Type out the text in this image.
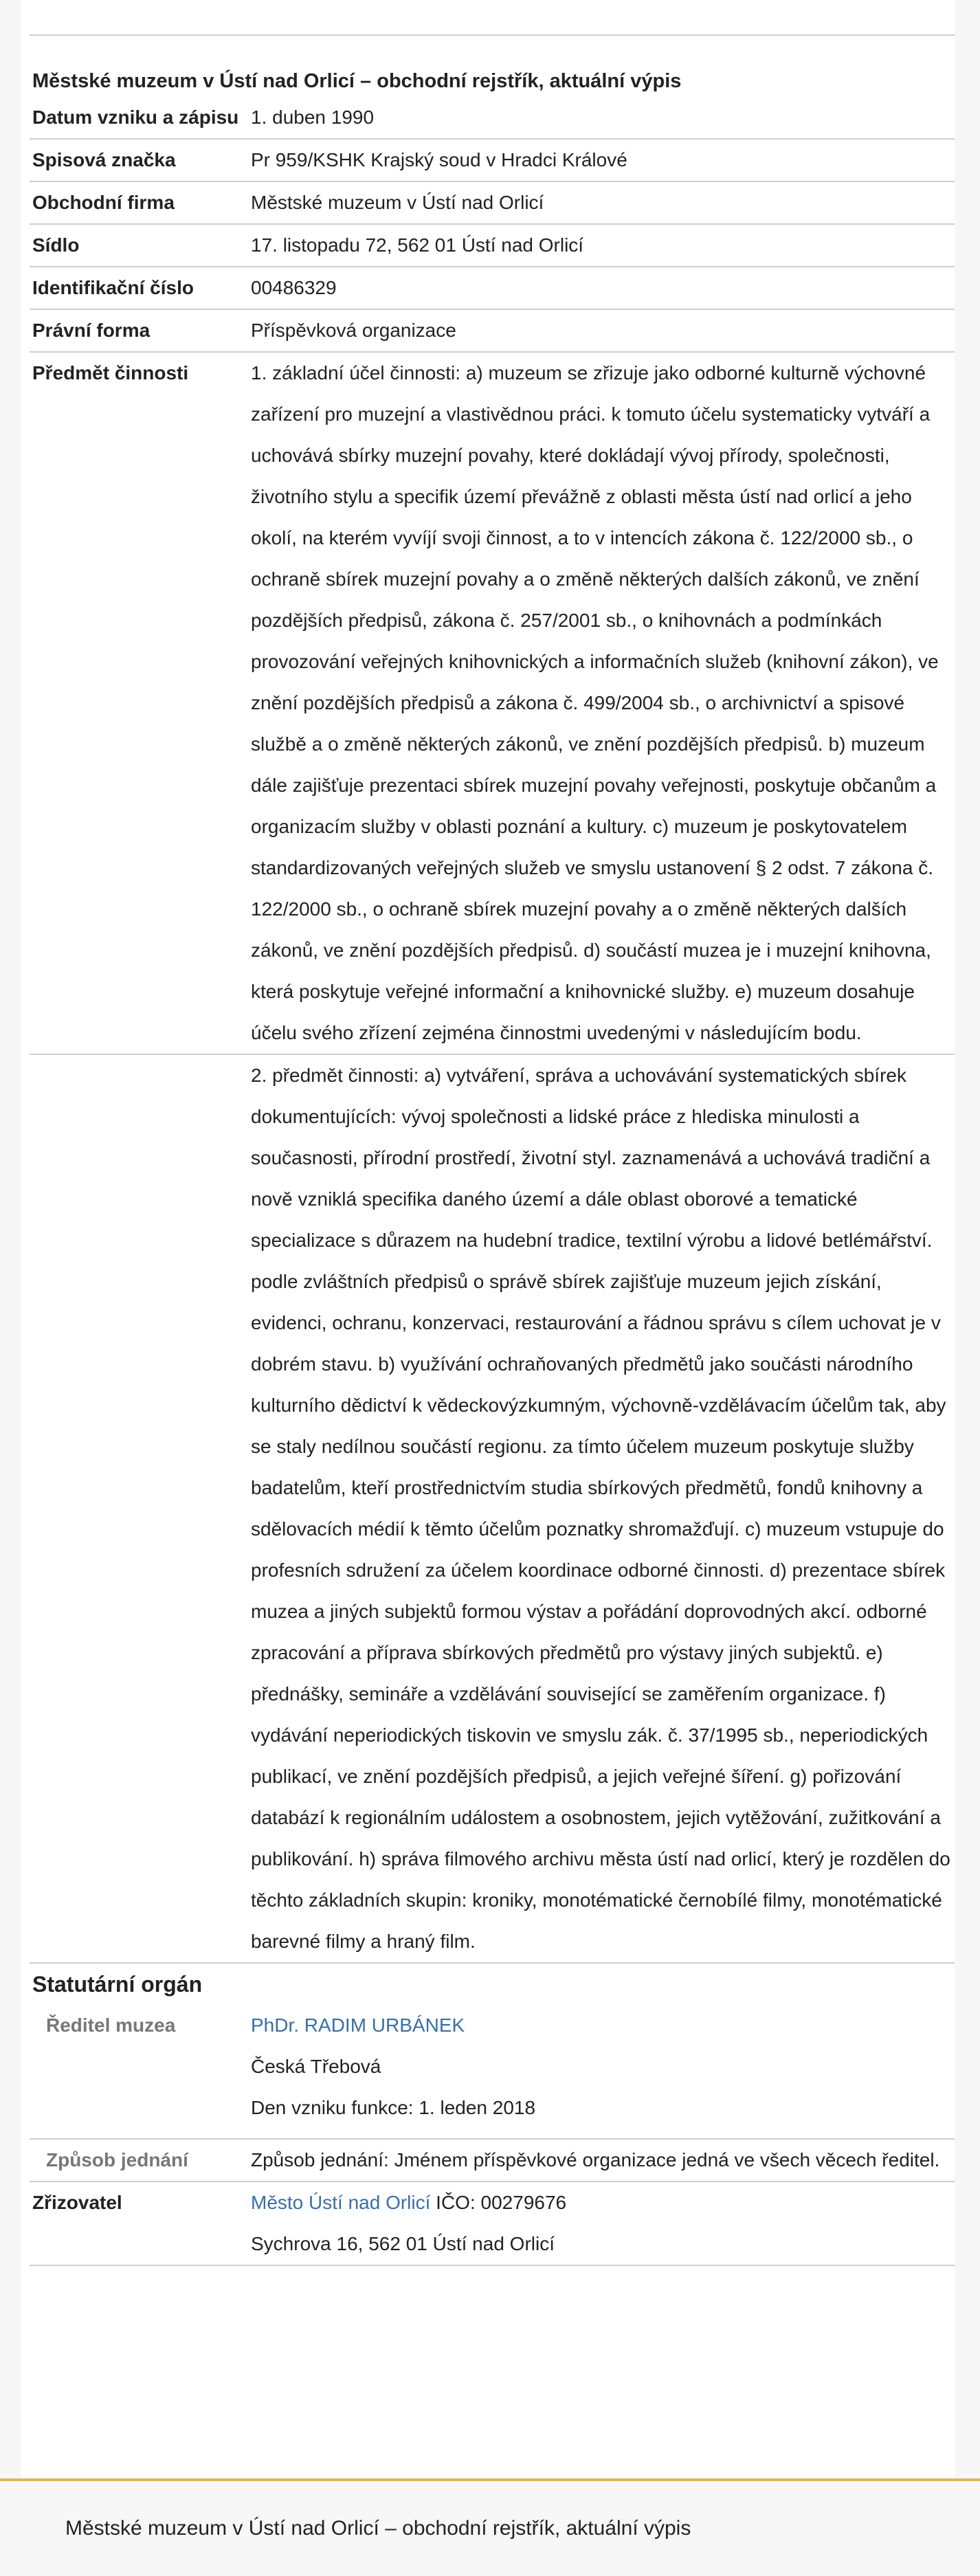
Městské muzeum v Ústí nad Orlicí – obchodní rejstřík, aktuální výpis
Datum vzniku a zápisu 1. duben 1990
Spisová značka	Pr 959/KSHK Krajský soud v Hradci Králové
Obchodní firma	Městské muzeum v Ústí nad Orlicí
Sídlo	17. listopadu 72, 562 01 Ústí nad Orlicí
Identifikační číslo	00486329
Právní forma	Příspěvková organizace
Předmět činnosti	1. základní účel činnosti: a) muzeum se zřizuje jako odborné kulturně výchovné zařízení pro muzejní a vlastivědnou práci. k tomuto účelu systematicky vytváří a uchovává sbírky muzejní povahy, které dokládají vývoj přírody, společnosti, životního stylu a specifik území převážně z oblasti města ústí nad orlicí a jeho okolí, na kterém vyvíjí svoji činnost, a to v intencích zákona č. 122/2000 sb., o ochraně sbírek muzejní povahy a o změně některých dalších zákonů, ve znění pozdějších předpisů, zákona č. 257/2001 sb., o knihovnách a podmínkách provozování veřejných knihovnických a informačních služeb (knihovní zákon), ve znění pozdějších předpisů a zákona č. 499/2004 sb., o archivnictví a spisové službě a o změně některých zákonů, ve znění pozdějších předpisů. b) muzeum dále zajišťuje prezentaci sbírek muzejní povahy veřejnosti, poskytuje občanům a organizacím služby v oblasti poznání a kultury. c) muzeum je poskytovatelem standardizovaných veřejných služeb ve smyslu ustanovení § 2 odst. 7 zákona č. 122/2000 sb., o ochraně sbírek muzejní povahy a o změně některých dalších zákonů, ve znění pozdějších předpisů. d) součástí muzea je i muzejní knihovna, která poskytuje veřejné informační a knihovnické služby. e) muzeum dosahuje účelu svého zřízení zejména činnostmi uvedenými v následujícím bodu.
2. předmět činnosti: a) vytváření, správa a uchovávání systematických sbírek dokumentujících: vývoj společnosti a lidské práce z hlediska minulosti a současnosti, přírodní prostředí, životní styl. zaznamenává a uchovává tradiční a nově vzniklá specifika daného území a dále oblast oborové a tematické specializace s důrazem na hudební tradice, textilní výrobu a lidové betlémářství. podle zvláštních předpisů o správě sbírek zajišťuje muzeum jejich získání, evidenci, ochranu, konzervaci, restaurování a řádnou správu s cílem uchovat je v dobrém stavu. b) využívání ochraňovaných předmětů jako součásti národního kulturního dědictví k vědeckovýzkumným, výchovně-vzdělávacím účelům tak, aby se staly nedílnou součástí regionu. za tímto účelem muzeum poskytuje služby badatelům, kteří prostřednictvím studia sbírkových předmětů, fondů knihovny a sdělovacích médií k těmto účelům poznatky shromažďují. c) muzeum vstupuje do profesních sdružení za účelem koordinace odborné činnosti. d) prezentace sbírek muzea a jiných subjektů formou výstav a pořádání doprovodných akcí. odborné zpracování a příprava sbírkových předmětů pro výstavy jiných subjektů. e) přednášky, semináře a vzdělávání související se zaměřením organizace. f) vydávání neperiodických tiskovin ve smyslu zák. č. 37/1995 sb., neperiodických publikací, ve znění pozdějších předpisů, a jejich veřejné šíření. g) pořizování databází k regionálním událostem a osobnostem, jejich vytěžování, zužitkování a publikování. h) správa filmového archivu města ústí nad orlicí, který je rozdělen do těchto základních skupin: kroniky, monotématické černobílé filmy, monotématické barevné filmy a hraný film.
Statutární orgán
Ředitel muzea	PhDr. RADIM URBÁNEK

Česká Třebová

Den vzniku funkce: 1. leden 2018

Způsob jednání	Způsob jednání: Jménem příspěvkové organizace jedná ve všech věcech ředitel.
Zřizovatel	Město Ústí nad Orlicí IČO: 00279676

Sychrova 16, 562 01 Ústí nad Orlicí

Městské muzeum v Ústí nad Orlicí – obchodní rejstřík, aktuální výpis
